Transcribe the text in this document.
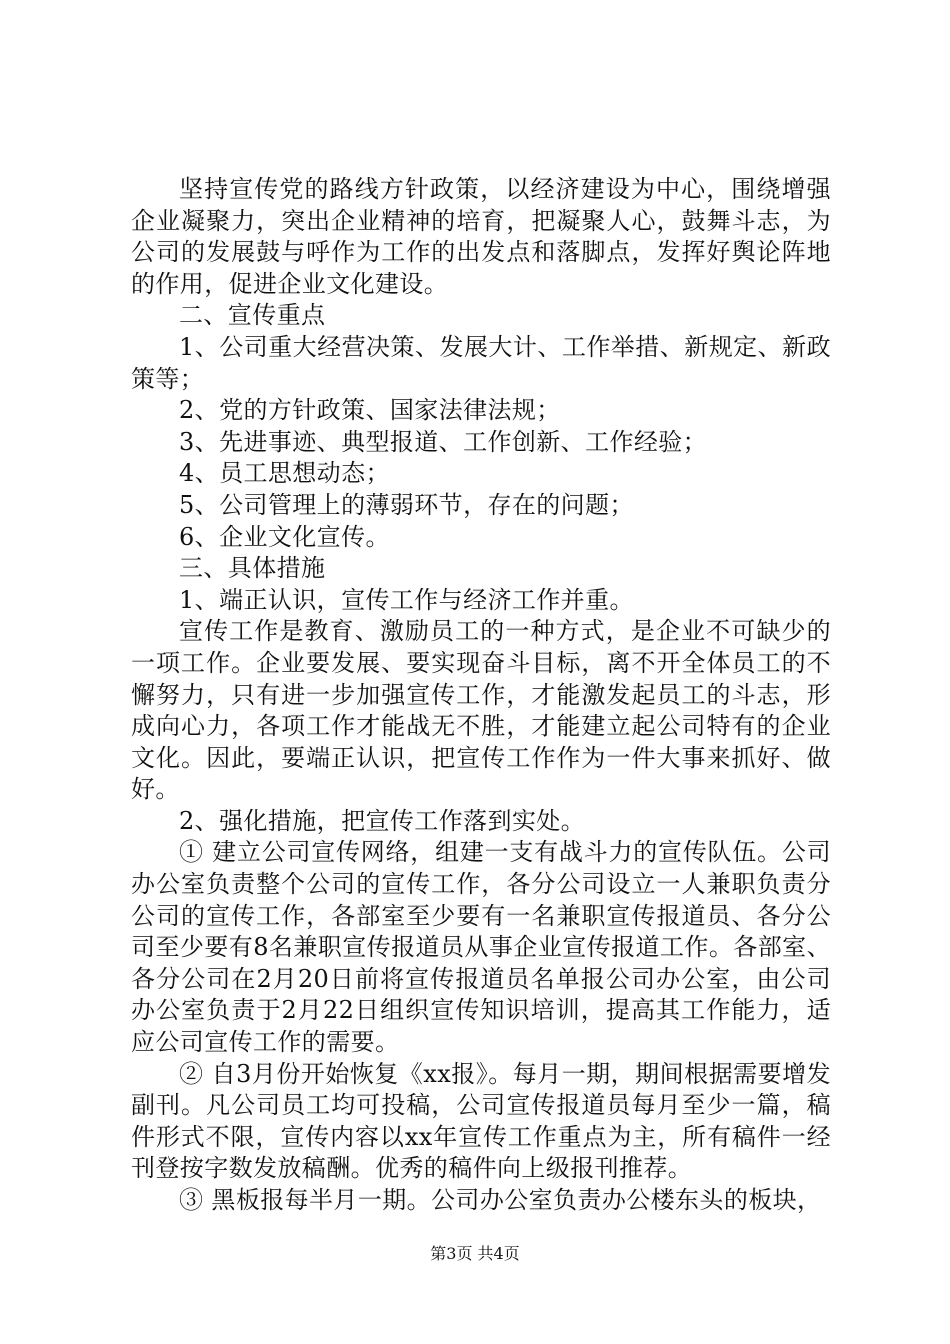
坚持宣传党的路线方针政策，以经济建设为中心，围绕增强企业凝聚力，突出企业精神的培育，把凝聚人心，鼓舞斗志，为公司的发展鼓与呼作为工作的出发点和落脚点，发挥好舆论阵地的作用，促进企业文化建设。

二、宣传重点

1、公司重大经营决策、发展大计、工作举措、新规定、新政策等；

2、党的方针政策、国家法律法规；

3、先进事迹、典型报道、工作创新、工作经验；

4、员工思想动态；

5、公司管理上的薄弱环节，存在的问题；

6、企业文化宣传。

三、具体措施

1、端正认识，宣传工作与经济工作并重。

宣传工作是教育、激励员工的一种方式，是企业不可缺少的一项工作。企业要发展、要实现奋斗目标，离不开全体员工的不懈努力，只有进一步加强宣传工作，才能激发起员工的斗志，形成向心力，各项工作才能战无不胜，才能建立起公司特有的企业文化。因此，要端正认识，把宣传工作作为一件大事来抓好、做好。

2、强化措施，把宣传工作落到实处。

① 建立公司宣传网络，组建一支有战斗力的宣传队伍。公司办公室负责整个公司的宣传工作，各分公司设立一人兼职负责分公司的宣传工作，各部室至少要有一名兼职宣传报道员、各分公司至少要有8名兼职宣传报道员从事企业宣传报道工作。各部室、各分公司在2月20日前将宣传报道员名单报公司办公室，由公司办公室负责于2月22日组织宣传知识培训，提高其工作能力，适应公司宣传工作的需要。

② 自3月份开始恢复《xx报》。每月一期，期间根据需要增发副刊。凡公司员工均可投稿，公司宣传报道员每月至少一篇，稿件形式不限，宣传内容以xx年宣传工作重点为主，所有稿件一经刊登按字数发放稿酬。优秀的稿件向上级报刊推荐。

③ 黑板报每半月一期。公司办公室负责办公楼东头的板块，

第3页 共4页
